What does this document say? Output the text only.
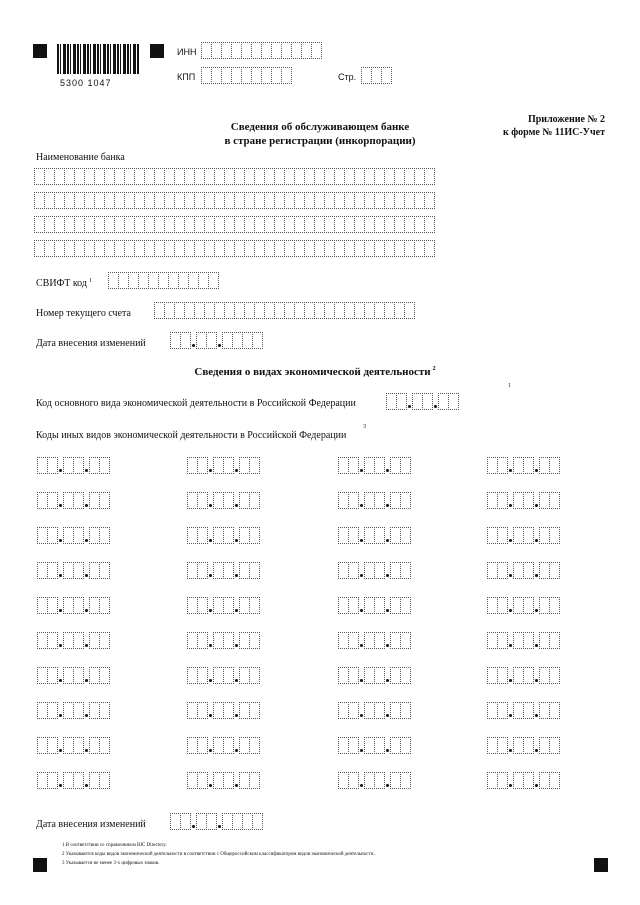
5300 1047
ИНН
КПП	Стр.
Приложение № 2
к форме № 11ИС-Учет
Сведения об обслуживающем банке
в стране регистрации (инкорпорации)
Наименование банка
СВИФТ код $^1$
Номер текущего счета
Дата внесения изменений
Сведения о видах экономической деятельности $^2$
Код основного вида экономической деятельности в Российской Федерации
1
Коды иных видов экономической деятельности в Российской Федерации
3
Дата внесения изменений
1 В соответствии со справочником BIC Directory.
2 Указываются коды видов экономической деятельности в соответствии с Общероссийским классификатором видов экономической деятельности.
3 Указывается не менее 3-х цифровых знаков.
